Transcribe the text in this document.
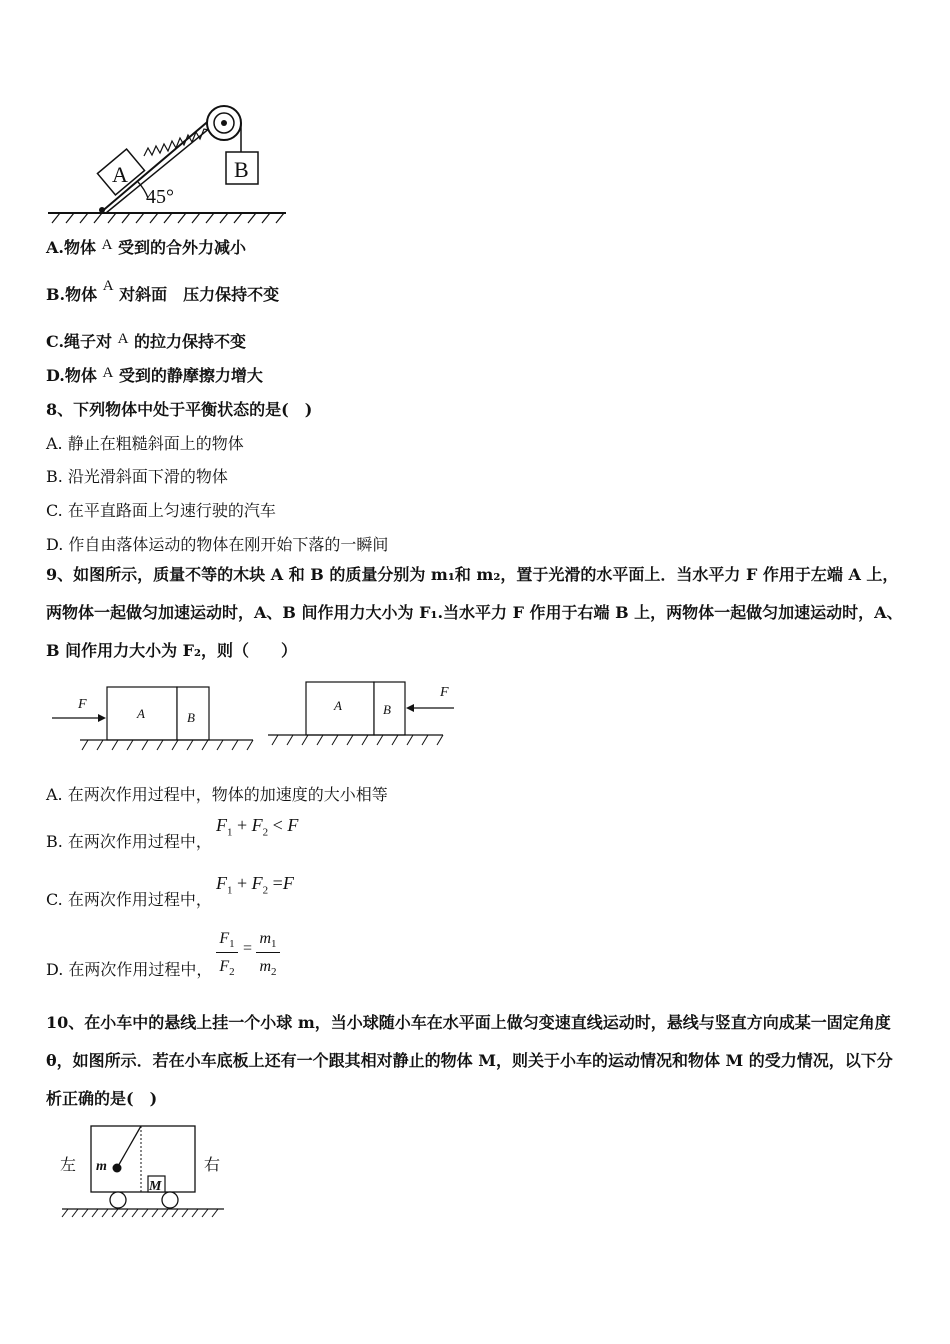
A	B
45°
A.物体 A 受到的合外力减小
B.物体 A 对斜面　压力保持不变
C.绳子对 A 的拉力保持不变
D.物体 A 受到的静摩擦力增大
8、下列物体中处于平衡状态的是(　)
A. 静止在粗糙斜面上的物体
B. 沿光滑斜面下滑的物体
C. 在平直路面上匀速行驶的汽车
D. 作自由落体运动的物体在刚开始下落的一瞬间
9、如图所示，质量不等的木块 A 和 B 的质量分别为 m₁和 m₂，置于光滑的水平面上．当水平力 F 作用于左端 A 上，两物体一起做匀加速运动时，A、B 间作用力大小为 F₁.当水平力 F 作用于右端 B 上，两物体一起做匀加速运动时，A、B 间作用力大小为 F₂，则（　　）
F
A	B
A	B
F
A. 在两次作用过程中，物体的加速度的大小相等
B. 在两次作用过程中，
$F_1 + F_2 < F$
C. 在两次作用过程中，
$F_1 + F_2 =F$
D. 在两次作用过程中，
$F_1$
$F_2$
=
$m_1$
$m_2$
10、在小车中的悬线上挂一个小球 m，当小球随小车在水平面上做匀变速直线运动时，悬线与竖直方向成某一固定角度 θ，如图所示．若在小车底板上还有一个跟其相对静止的物体 M，则关于小车的运动情况和物体 M 的受力情况，以下分析正确的是(　)
左	右
m
M
